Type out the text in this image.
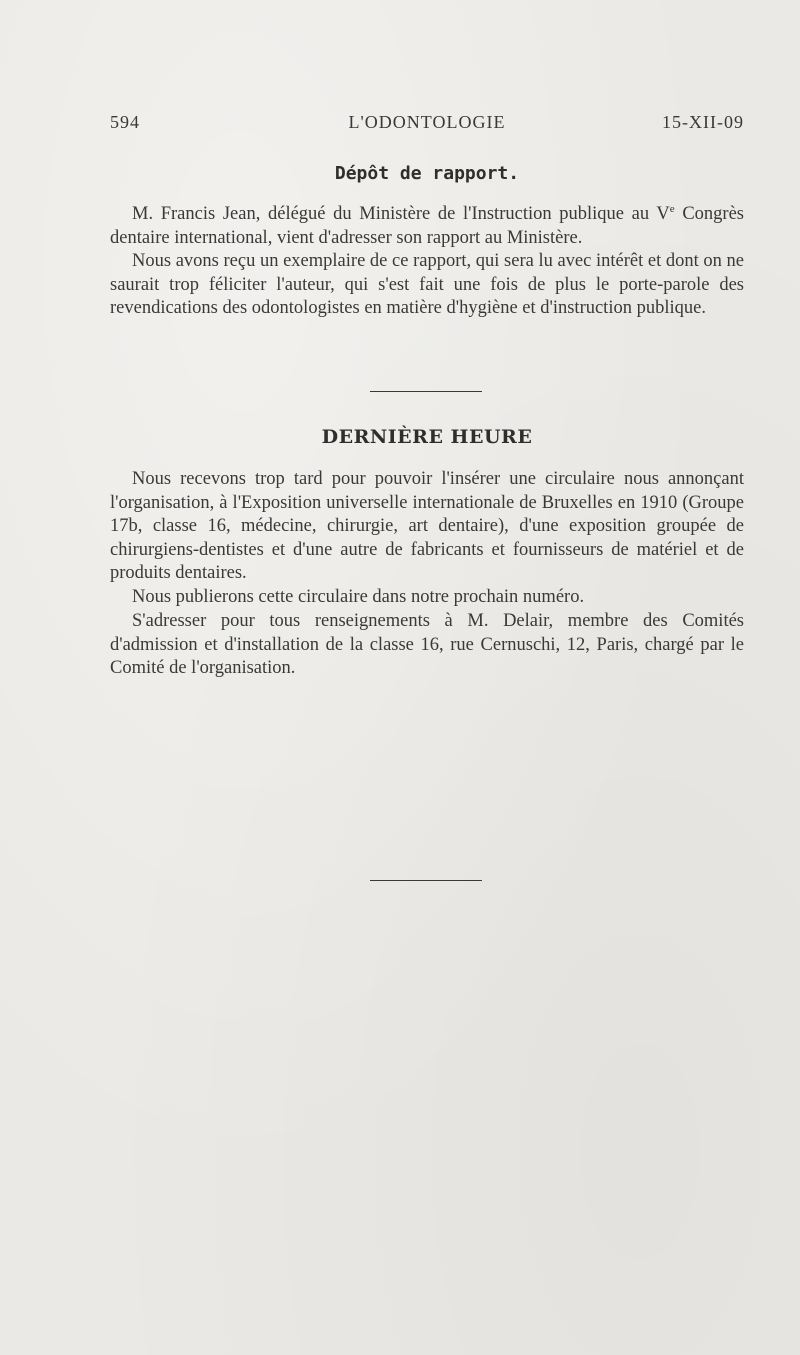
594	L'ODONTOLOGIE	15-XII-09
Dépôt de rapport.

M. Francis Jean, délégué du Ministère de l'Instruction publique au Ve Congrès dentaire international, vient d'adresser son rapport au Ministère.

Nous avons reçu un exemplaire de ce rapport, qui sera lu avec intérêt et dont on ne saurait trop féliciter l'auteur, qui s'est fait une fois de plus le porte-parole des revendications des odontologistes en matière d'hygiène et d'instruction publique.

DERNIÈRE HEURE

Nous recevons trop tard pour pouvoir l'insérer une circulaire nous annonçant l'organisation, à l'Exposition universelle internationale de Bruxelles en 1910 (Groupe 17b, classe 16, médecine, chirurgie, art dentaire), d'une exposition groupée de chirurgiens-dentistes et d'une autre de fabricants et fournisseurs de matériel et de produits dentaires.

Nous publierons cette circulaire dans notre prochain numéro.

S'adresser pour tous renseignements à M. Delair, membre des Comités d'admission et d'installation de la classe 16, rue Cernuschi, 12, Paris, chargé par le Comité de l'organisation.
